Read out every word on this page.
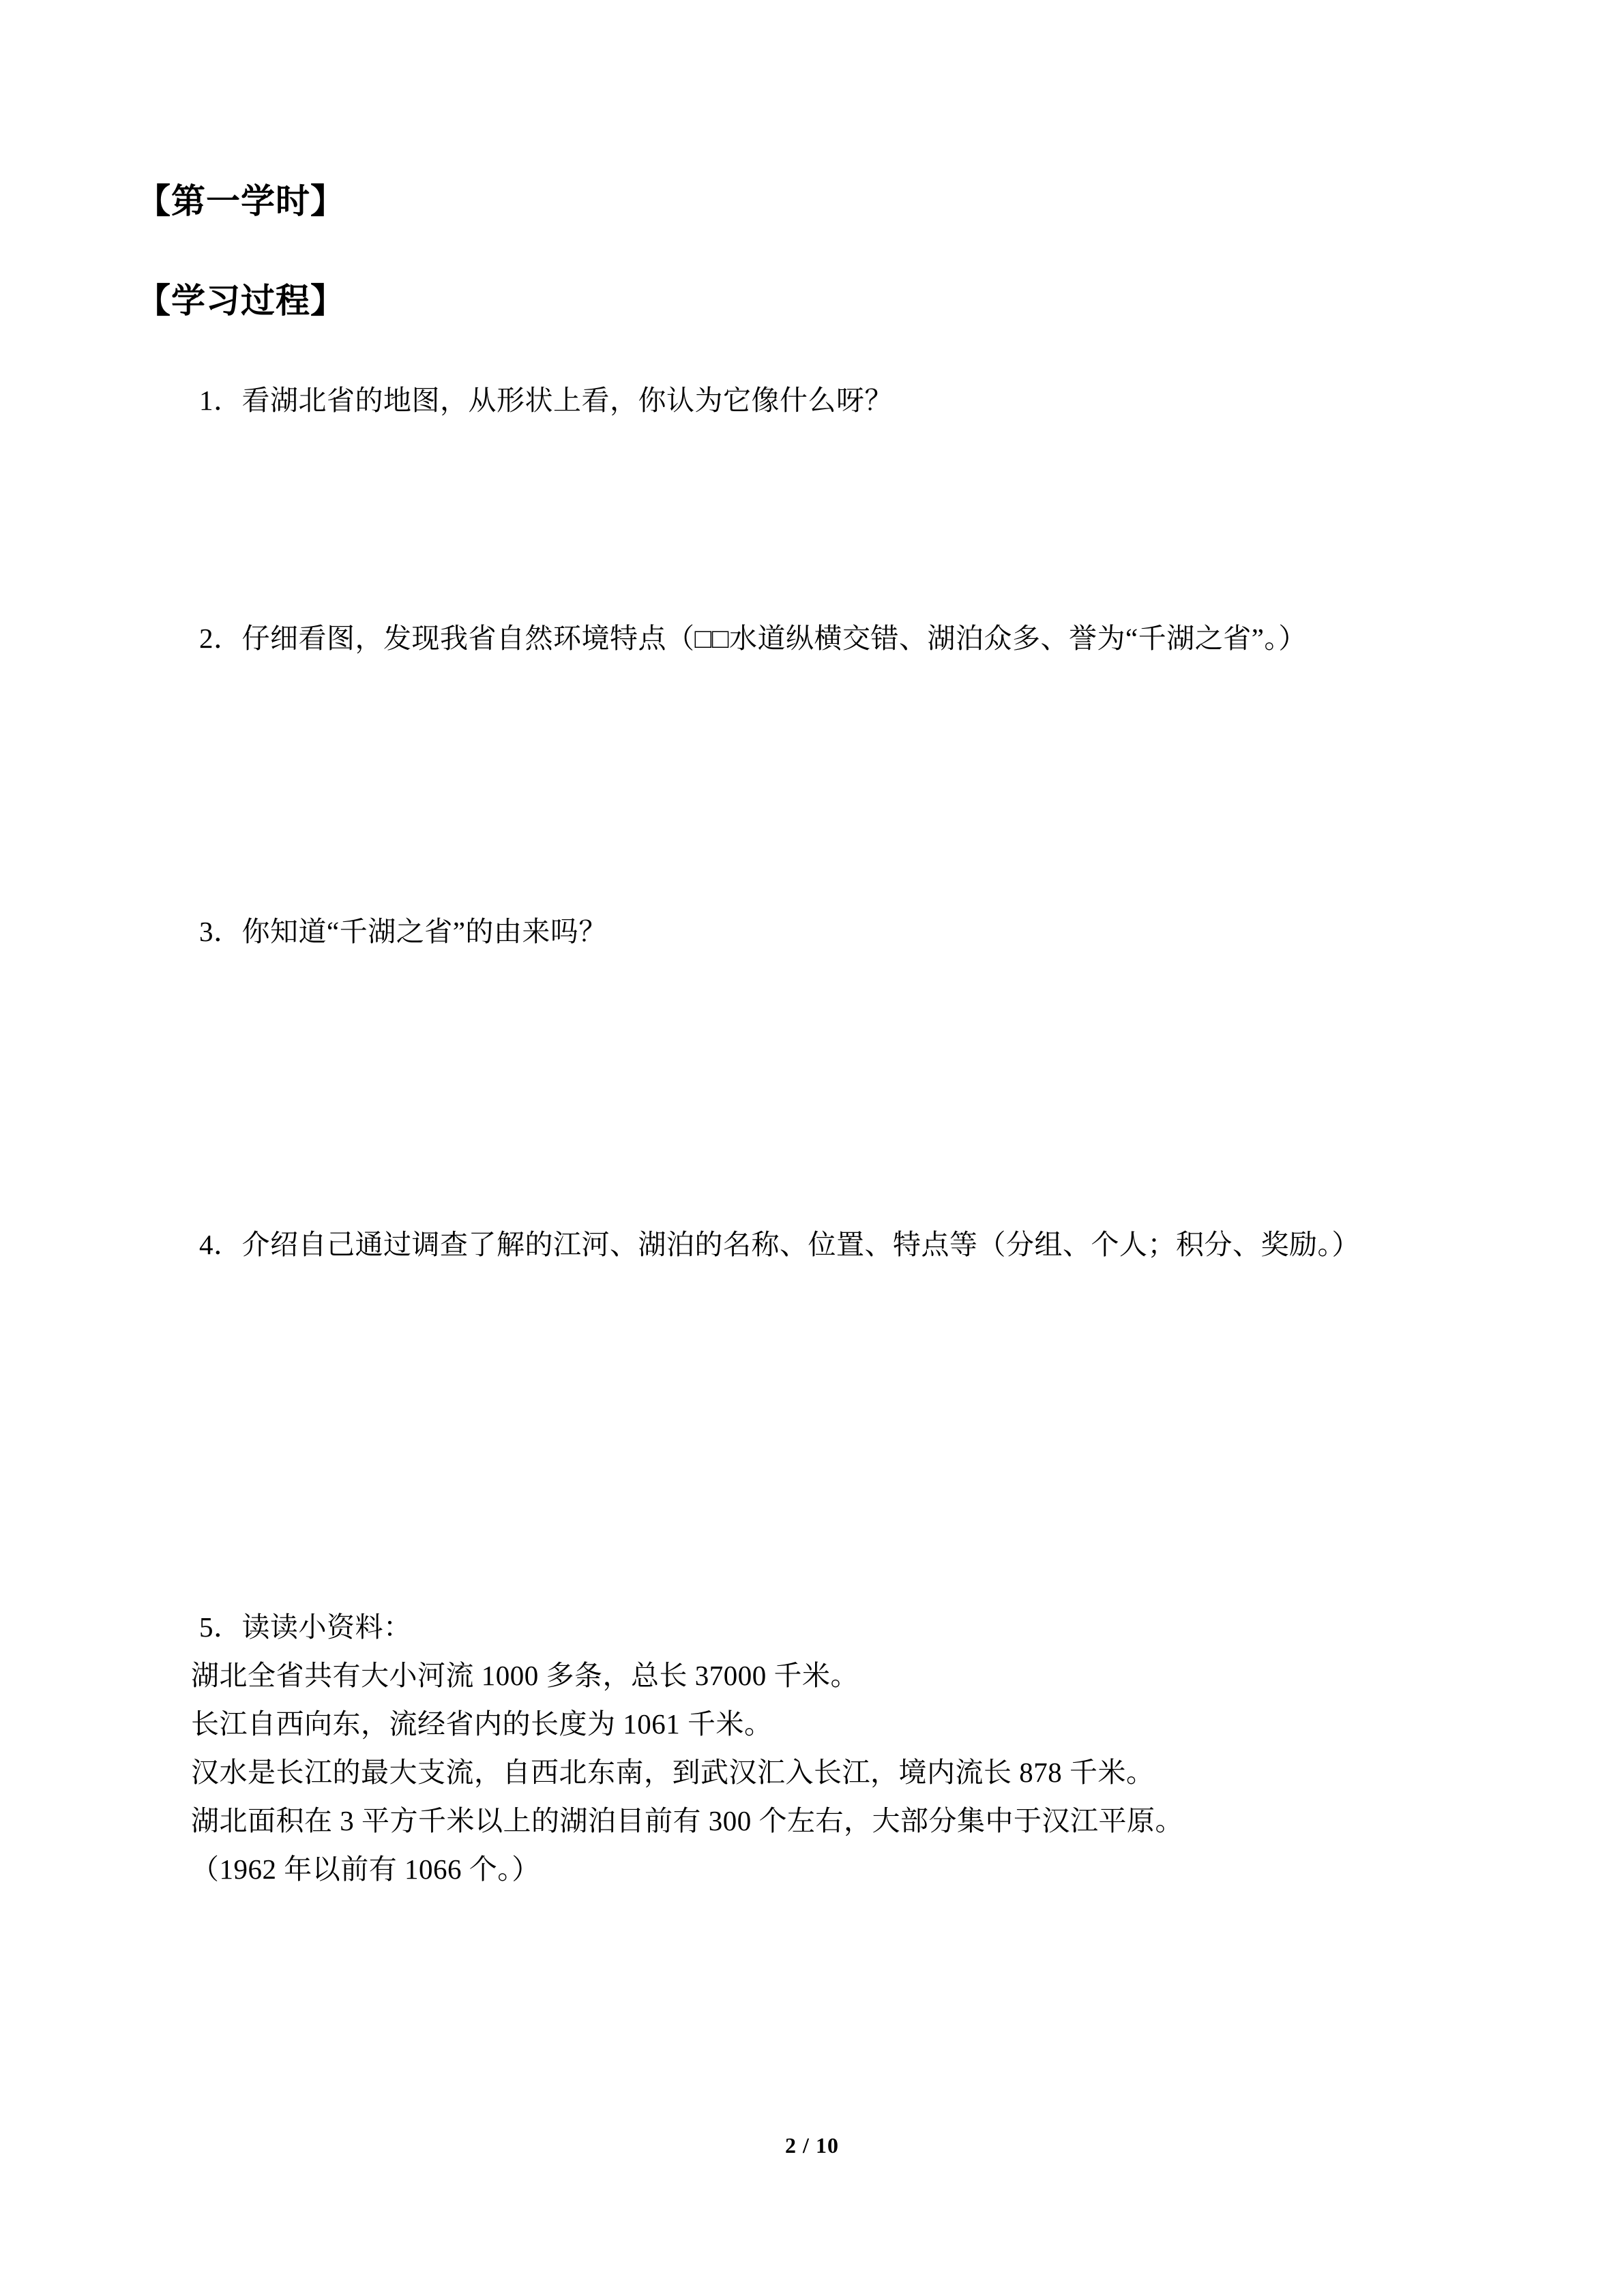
【第一学时】
【学习过程】
1．看湖北省的地图，从形状上看，你认为它像什么呀？
2．仔细看图，发现我省自然环境特点（□□水道纵横交错、湖泊众多、誉为“千湖之省”。）
3．你知道“千湖之省”的由来吗？
4．介绍自己通过调查了解的江河、湖泊的名称、位置、特点等（分组、个人；积分、奖励。）
5．读读小资料：
湖北全省共有大小河流 1000 多条，总长 37000 千米。
长江自西向东，流经省内的长度为 1061 千米。
汉水是长江的最大支流，自西北东南，到武汉汇入长江，境内流长 878 千米。
湖北面积在 3 平方千米以上的湖泊目前有 300 个左右，大部分集中于汉江平原。
（1962 年以前有 1066 个。）
2 / 10
